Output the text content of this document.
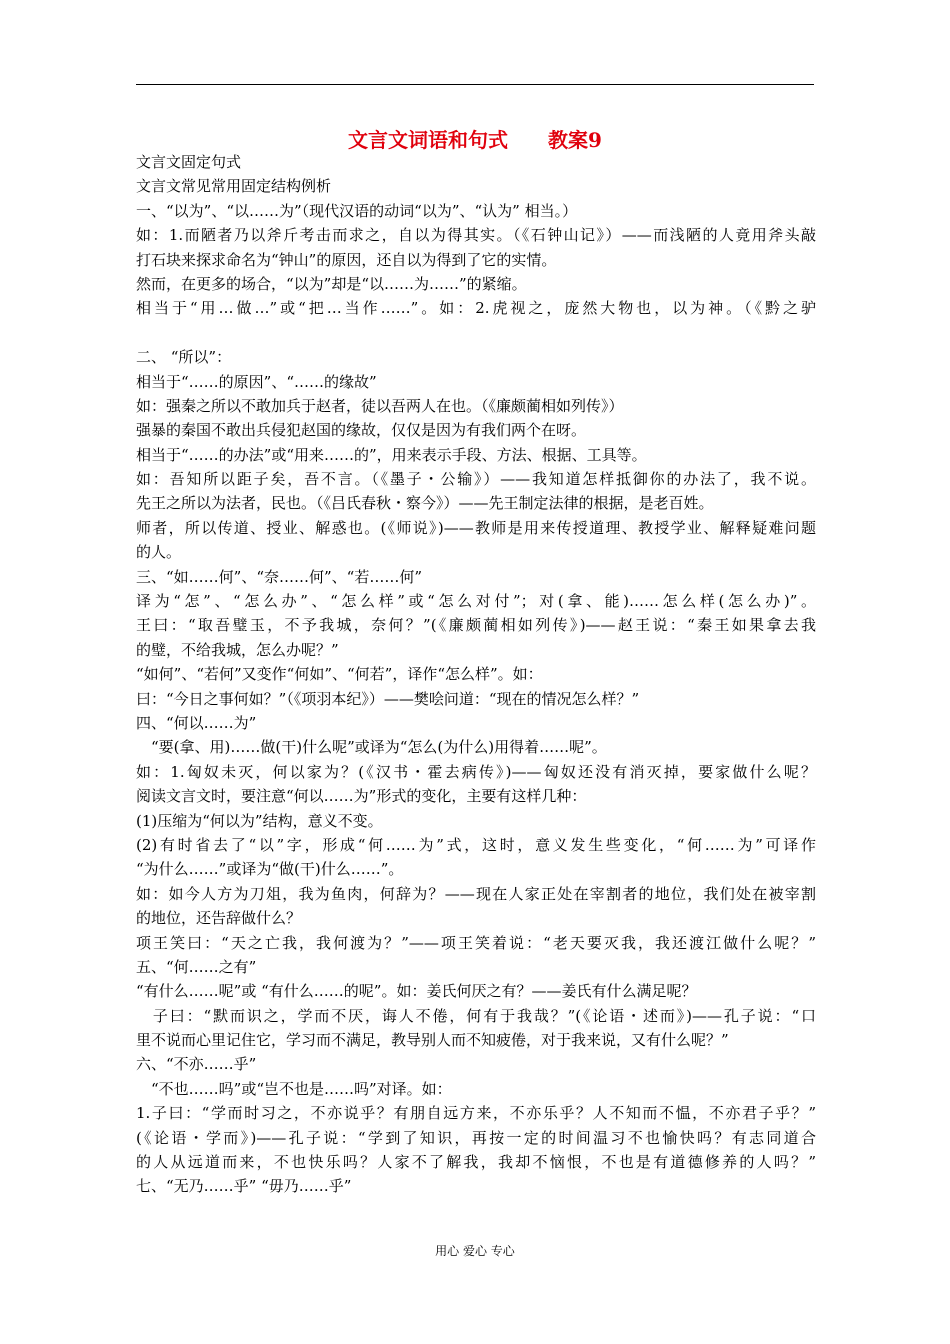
文言文词语和句式　　教案9
文言文固定句式
文言文常见常用固定结构例析
一、“以为”、“以……为”（现代汉语的动词“以为”、“认为” 相当。）
如：1.而陋者乃以斧斤考击而求之，自以为得其实。（《石钟山记》）——而浅陋的人竟用斧头敲
打石块来探求命名为“钟山”的原因，还自以为得到了它的实情。
然而，在更多的场合，“以为”却是“以……为……”的紧缩。
相当于“用…做…”或“把…当作……”。如：2.虎视之，庞然大物也，以为神。（《黔之驴
二、 “所以”：
相当于“……的原因”、“……的缘故”
如：强秦之所以不敢加兵于赵者，徒以吾两人在也。（《廉颇蔺相如列传》）
强暴的秦国不敢出兵侵犯赵国的缘故，仅仅是因为有我们两个在呀。
相当于“……的办法”或“用来……的”，用来表示手段、方法、根据、工具等。
如：吾知所以距子矣，吾不言。（《墨子・公输》）——我知道怎样抵御你的办法了，我不说。
先王之所以为法者，民也。（《吕氏春秋・察今》）——先王制定法律的根据，是老百姓。
师者，所以传道、授业、解惑也。(《师说》)——教师是用来传授道理、教授学业、解释疑难问题
的人。
三、“如……何”、“奈……何”、“若……何”
译为“怎”、“怎么办”、“怎么样”或“怎么对付”；对(拿、能)……怎么样(怎么办)”。
王曰：“取吾璧玉，不予我城，奈何？”(《廉颇蔺相如列传》)——赵王说：“秦王如果拿去我
的璧，不给我城，怎么办呢？”
“如何”、“若何”又变作“何如”、“何若”，译作“怎么样”。如：
曰：“今日之事何如？”（《项羽本纪》）——樊哙问道：“现在的情况怎么样？”
四、“何以……为”
　“要(拿、用)……做(干)什么呢”或译为“怎么(为什么)用得着……呢”。
如：1.匈奴未灭，何以家为？(《汉书・霍去病传》)——匈奴还没有消灭掉，要家做什么呢？
阅读文言文时，要注意“何以……为”形式的变化，主要有这样几种：
(1)压缩为“何以为”结构，意义不变。
(2)有时省去了“以”字，形成“何……为”式，这时，意义发生些变化，“何……为”可译作
“为什么……”或译为“做(干)什么……”。
如：如今人方为刀俎，我为鱼肉，何辞为？——现在人家正处在宰割者的地位，我们处在被宰割
的地位，还告辞做什么？
项王笑曰：“天之亡我，我何渡为？”——项王笑着说：“老天要灭我，我还渡江做什么呢？”
五、“何……之有”
“有什么……呢”或 “有什么……的呢”。如：姜氏何厌之有？——姜氏有什么满足呢？
　子曰：“默而识之，学而不厌，诲人不倦，何有于我哉？”(《论语・述而》)——孔子说：“口
里不说而心里记住它，学习而不满足，教导别人而不知疲倦，对于我来说，又有什么呢？”
六、“不亦……乎”
　“不也……吗”或“岂不也是……吗”对译。如：
1.子曰：“学而时习之，不亦说乎？有朋自远方来，不亦乐乎？人不知而不愠，不亦君子乎？”
(《论语・学而》)——孔子说：“学到了知识，再按一定的时间温习不也愉快吗？有志同道合
的人从远道而来，不也快乐吗？人家不了解我，我却不恼恨，不也是有道德修养的人吗？”
七、“无乃……乎” “毋乃……乎”
用心 爱心 专心
